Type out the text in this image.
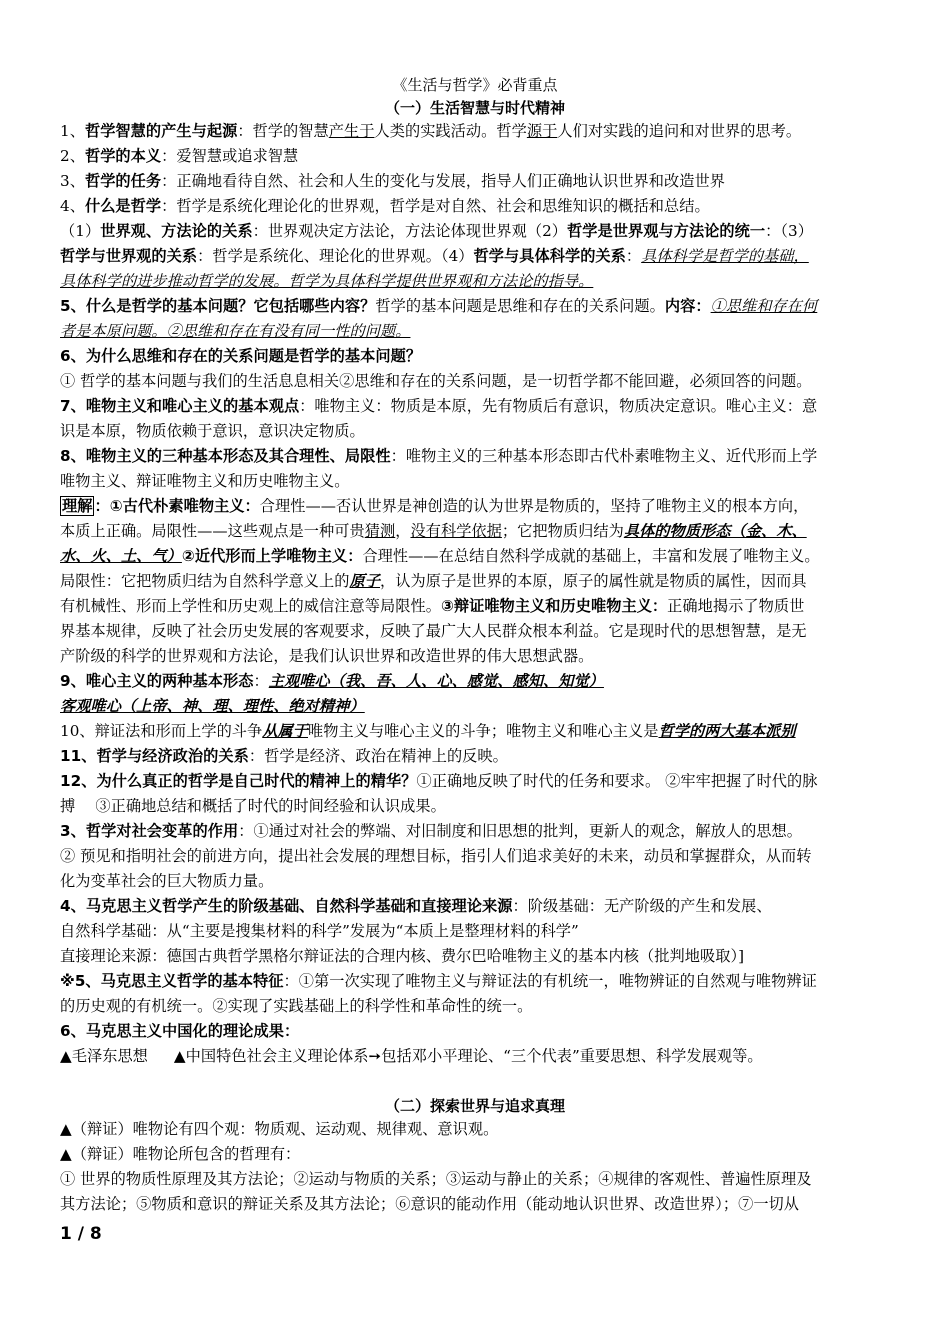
《生活与哲学》必背重点
（一）生活智慧与时代精神
1、哲学智慧的产生与起源：哲学的智慧产生于人类的实践活动。哲学源于人们对实践的追问和对世界的思考。
2、哲学的本义：爱智慧或追求智慧
3、哲学的任务：正确地看待自然、社会和人生的变化与发展，指导人们正确地认识世界和改造世界
4、什么是哲学：哲学是系统化理论化的世界观，哲学是对自然、社会和思维知识的概括和总结。
（1）世界观、方法论的关系：世界观决定方法论，方法论体现世界观（2）哲学是世界观与方法论的统一：（3）
哲学与世界观的关系：哲学是系统化、理论化的世界观。（4）哲学与具体科学的关系：具体科学是哲学的基础，
具体科学的进步推动哲学的发展。哲学为具体科学提供世界观和方法论的指导。
5、什么是哲学的基本问题？它包括哪些内容？哲学的基本问题是思维和存在的关系问题。内容：①思维和存在何
者是本原问题。②思维和存在有没有同一性的问题。
6、为什么思维和存在的关系问题是哲学的基本问题？
① 哲学的基本问题与我们的生活息息相关②思维和存在的关系问题，是一切哲学都不能回避，必须回答的问题。
7、唯物主义和唯心主义的基本观点：唯物主义：物质是本原，先有物质后有意识，物质决定意识。唯心主义：意
识是本原，物质依赖于意识，意识决定物质。
8、唯物主义的三种基本形态及其合理性、局限性：唯物主义的三种基本形态即古代朴素唯物主义、近代形而上学
唯物主义、辩证唯物主义和历史唯物主义。
理解 ：①古代朴素唯物主义：合理性——否认世界是神创造的认为世界是物质的，坚持了唯物主义的根本方向，
本质上正确。局限性——这些观点是一种可贵猜测，没有科学依据；它把物质归结为具体的物质形态（金、木、
水、火、土、气）②近代形而上学唯物主义：合理性——在总结自然科学成就的基础上，丰富和发展了唯物主义。
局限性：它把物质归结为自然科学意义上的原子，认为原子是世界的本原，原子的属性就是物质的属性，因而具
有机械性、形而上学性和历史观上的威信注意等局限性。③辩证唯物主义和历史唯物主义：正确地揭示了物质世
界基本规律，反映了社会历史发展的客观要求，反映了最广大人民群众根本利益。它是现时代的思想智慧，是无
产阶级的科学的世界观和方法论，是我们认识世界和改造世界的伟大思想武器。
9、唯心主义的两种基本形态：主观唯心（我、吾、人、心、感觉、感知、知觉）
客观唯心（上帝、神、理、理性、绝对精神）
10、辩证法和形而上学的斗争从属于唯物主义与唯心主义的斗争；唯物主义和唯心主义是哲学的两大基本派别
11、哲学与经济政治的关系：哲学是经济、政治在精神上的反映。
12、为什么真正的哲学是自己时代的精神上的精华？①正确地反映了时代的任务和要求。 ②牢牢把握了时代的脉
搏　 ③正确地总结和概括了时代的时间经验和认识成果。
3、哲学对社会变革的作用：①通过对社会的弊端、对旧制度和旧思想的批判，更新人的观念，解放人的思想。
② 预见和指明社会的前进方向，提出社会发展的理想目标，指引人们追求美好的未来，动员和掌握群众，从而转
化为变革社会的巨大物质力量。
4、马克思主义哲学产生的阶级基础、自然科学基础和直接理论来源：阶级基础：无产阶级的产生和发展、
自然科学基础：从“主要是搜集材料的科学”发展为“本质上是整理材料的科学”
直接理论来源：德国古典哲学黑格尔辩证法的合理内核、费尔巴哈唯物主义的基本内核（批判地吸取）]
※5、马克思主义哲学的基本特征：①第一次实现了唯物主义与辩证法的有机统一，唯物辨证的自然观与唯物辨证
的历史观的有机统一。②实现了实践基础上的科学性和革命性的统一。
6、马克思主义中国化的理论成果：
▲毛泽东思想 ▲中国特色社会主义理论体系➙包括邓小平理论、“三个代表”重要思想、科学发展观等。
（二）探索世界与追求真理
▲（辩证）唯物论有四个观：物质观、运动观、规律观、意识观。
▲（辩证）唯物论所包含的哲理有：
① 世界的物质性原理及其方法论；②运动与物质的关系；③运动与静止的关系；④规律的客观性、普遍性原理及
其方法论；⑤物质和意识的辩证关系及其方法论；⑥意识的能动作用（能动地认识世界、改造世界）；⑦一切从
1 / 8
